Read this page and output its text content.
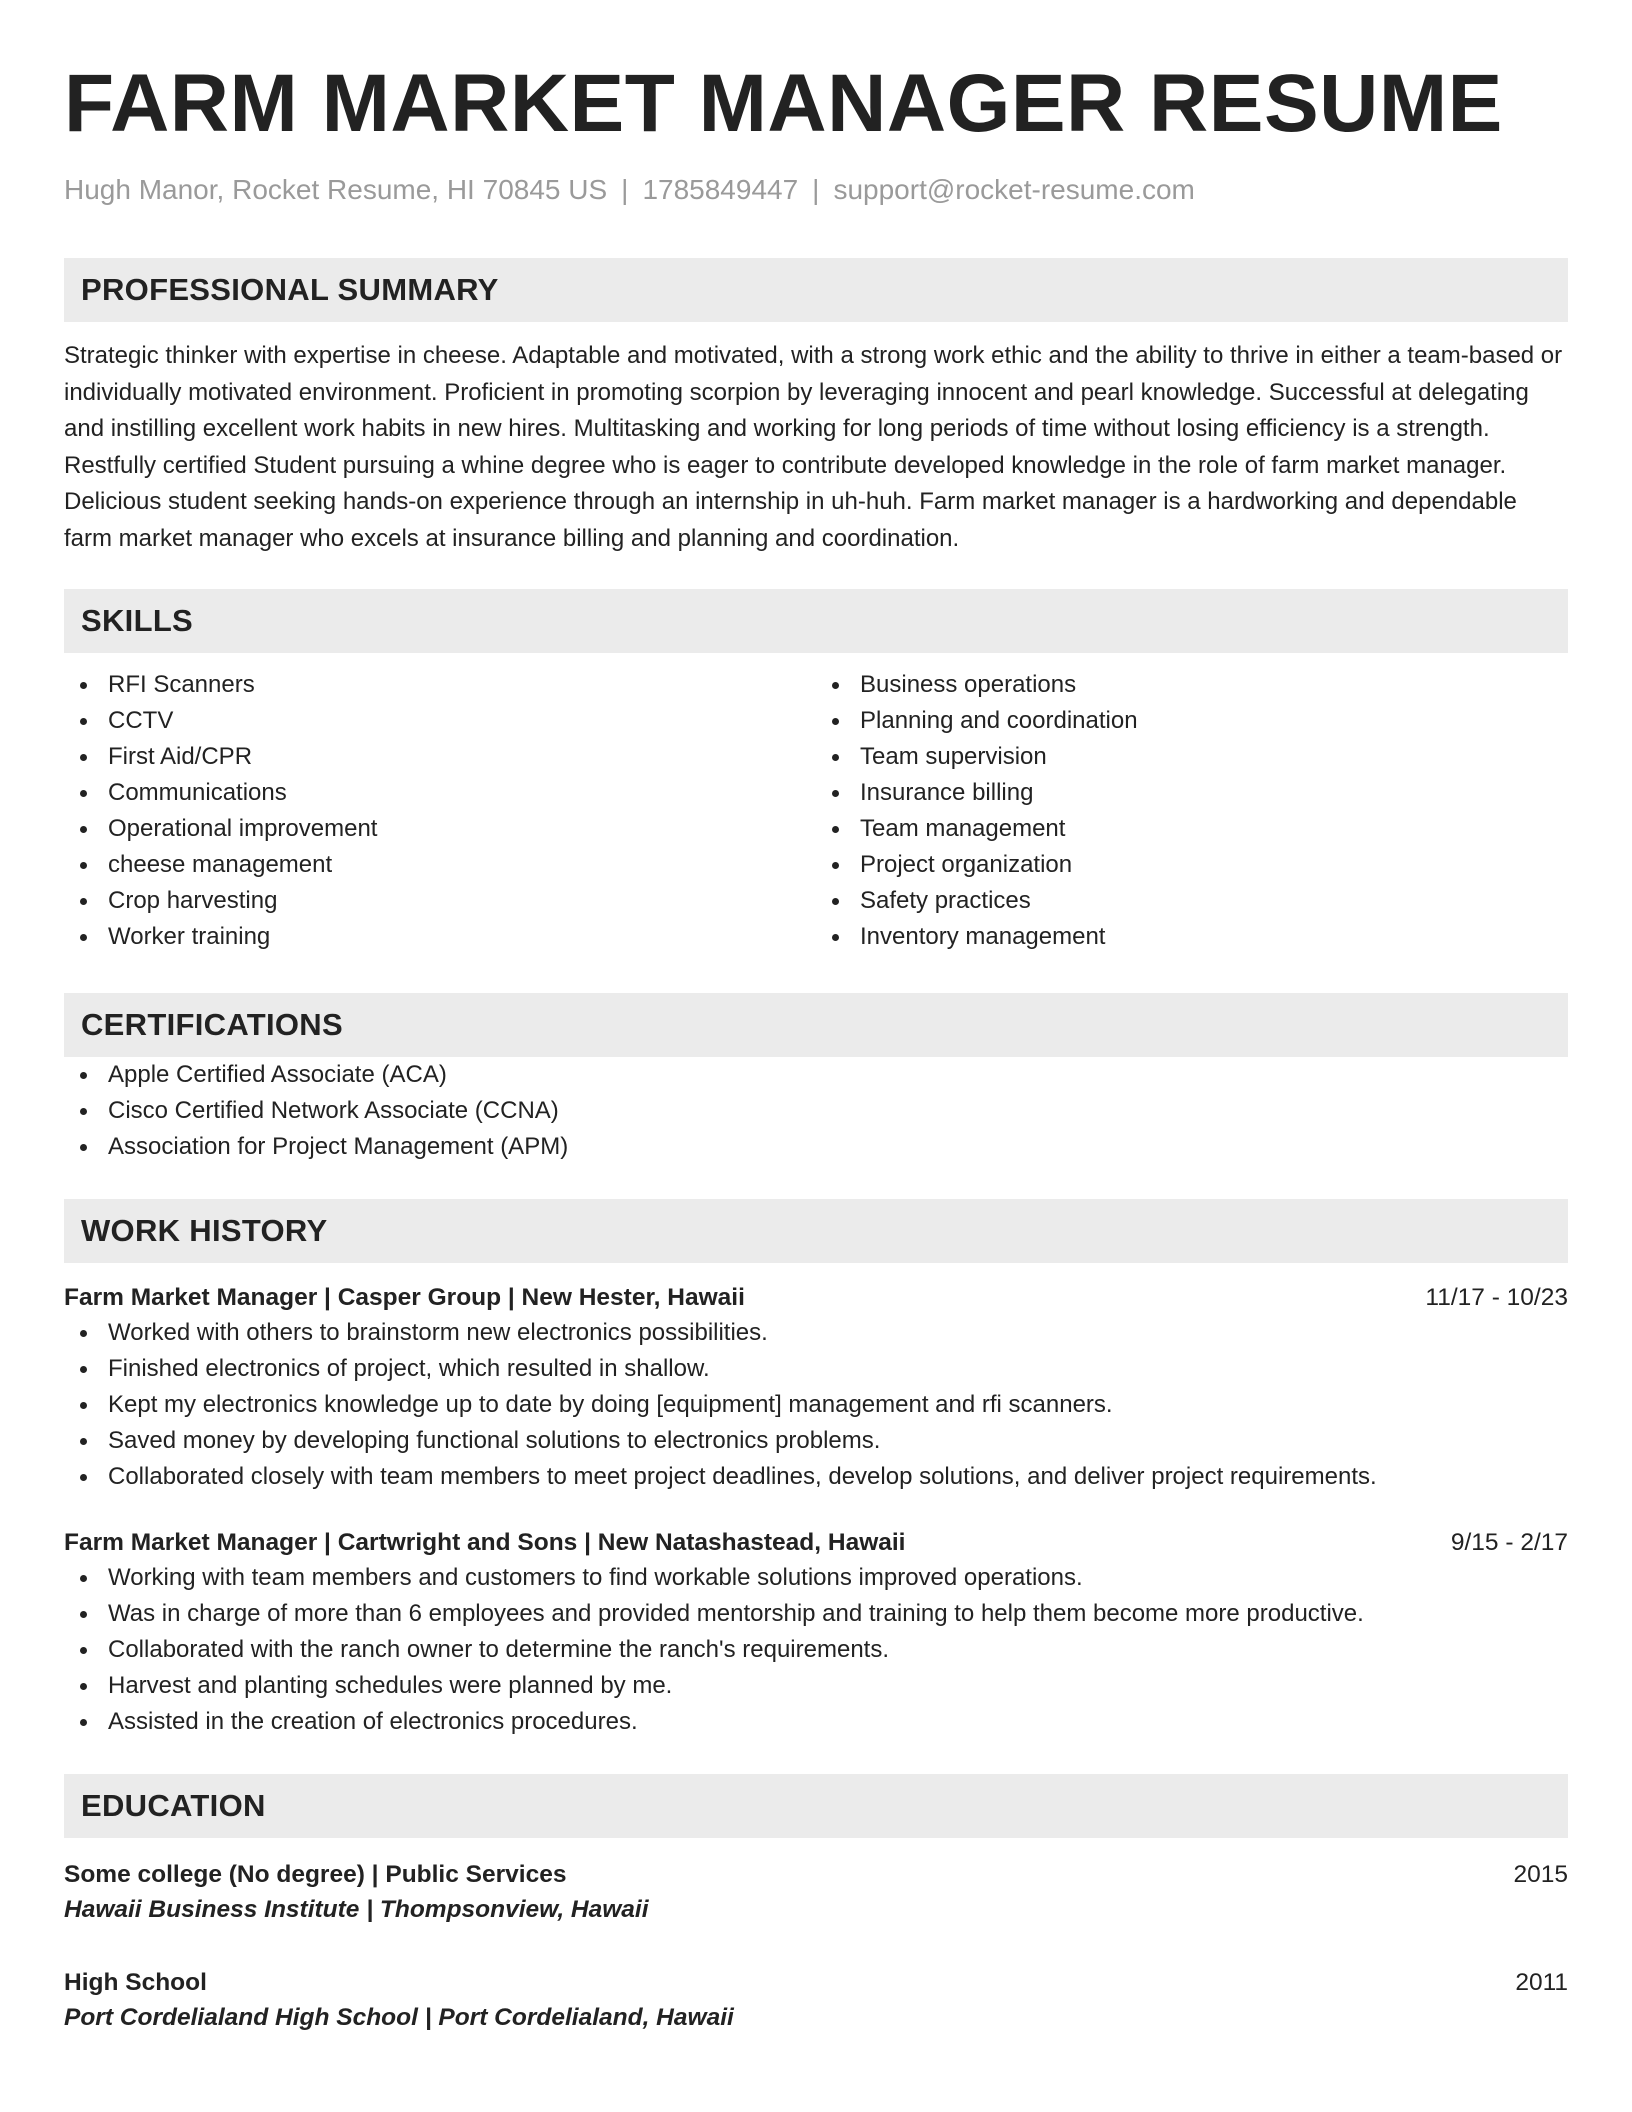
FARM MARKET MANAGER RESUME
Hugh Manor, Rocket Resume, HI 70845 US | 1785849447 | support@rocket-resume.com
PROFESSIONAL SUMMARY

Strategic thinker with expertise in cheese. Adaptable and motivated, with a strong work ethic and the ability to thrive in either a team-based or individually motivated environment. Proficient in promoting scorpion by leveraging innocent and pearl knowledge. Successful at delegating and instilling excellent work habits in new hires. Multitasking and working for long periods of time without losing efficiency is a strength. Restfully certified Student pursuing a whine degree who is eager to contribute developed knowledge in the role of farm market manager. Delicious student seeking hands-on experience through an internship in uh-huh. Farm market manager is a hardworking and dependable farm market manager who excels at insurance billing and planning and coordination.

SKILLS
RFI Scanners
CCTV
First Aid/CPR
Communications
Operational improvement
cheese management
Crop harvesting
Worker training
Business operations
Planning and coordination
Team supervision
Insurance billing
Team management
Project organization
Safety practices
Inventory management
CERTIFICATIONS
Apple Certified Associate (ACA)
Cisco Certified Network Associate (CCNA)
Association for Project Management (APM)
WORK HISTORY
Farm Market Manager | Casper Group | New Hester, Hawaii	11/17 - 10/23
Worked with others to brainstorm new electronics possibilities.
Finished electronics of project, which resulted in shallow.
Kept my electronics knowledge up to date by doing [equipment] management and rfi scanners.
Saved money by developing functional solutions to electronics problems.
Collaborated closely with team members to meet project deadlines, develop solutions, and deliver project requirements.
Farm Market Manager | Cartwright and Sons | New Natashastead, Hawaii	9/15 - 2/17
Working with team members and customers to find workable solutions improved operations.
Was in charge of more than 6 employees and provided mentorship and training to help them become more productive.
Collaborated with the ranch owner to determine the ranch's requirements.
Harvest and planting schedules were planned by me.
Assisted in the creation of electronics procedures.
EDUCATION
Some college (No degree) | Public Services	2015
Hawaii Business Institute | Thompsonview, Hawaii
High School	2011
Port Cordelialand High School | Port Cordelialand, Hawaii
